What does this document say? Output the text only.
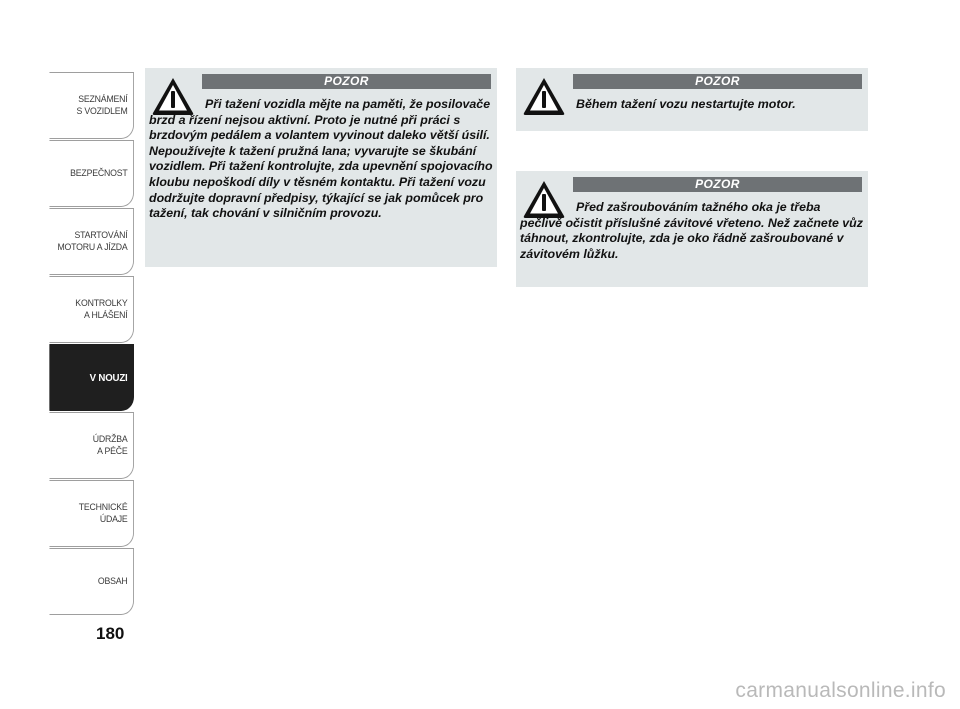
SEZNÁMENÍ
S VOZIDLEM
BEZPEČNOST
STARTOVÁNÍ
MOTORU A JÍZDA
KONTROLKY
A HLÁŠENÍ
V NOUZI
ÚDRŽBA
A PÉČE
TECHNICKÉ
ÚDAJE
OBSAH
180
POZOR

Při tažení vozidla mějte na paměti, že posilovače brzd a řízení nejsou aktivní. Proto je nutné při práci s brzdovým pedálem a volantem vyvinout daleko větší úsilí. Nepoužívejte k tažení pružná lana; vyvarujte se škubání vozidlem. Při tažení kontrolujte, zda upevnění spojovacího kloubu nepoškodí díly v těsném kontaktu. Při tažení vozu dodržujte dopravní předpisy, týkající se jak pomůcek pro tažení, tak chování v silničním provozu.

POZOR

Během tažení vozu nestartujte motor.

POZOR

Před zašroubováním tažného oka je třeba pečlivě očistit příslušné závitové vřeteno. Než začnete vůz táhnout, zkontrolujte, zda je oko řádně zašroubované v závitovém lůžku.

carmanualsonline.info
